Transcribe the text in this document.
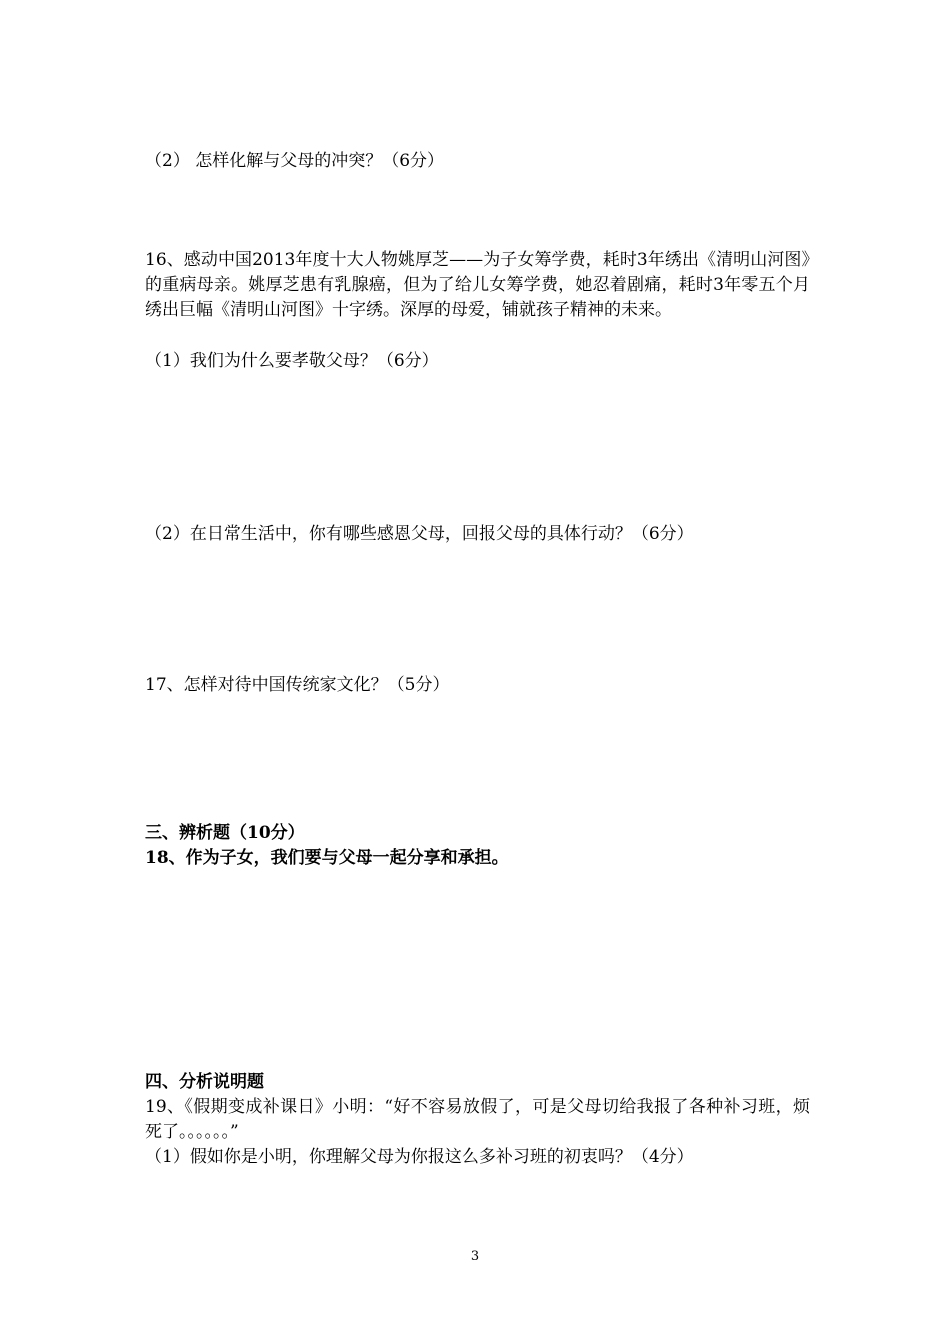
（2） 怎样化解与父母的冲突？（6分）
16、感动中国2013年度十大人物姚厚芝——为子女筹学费，耗时3年绣出《清明山河图》的重病母亲。姚厚芝患有乳腺癌，但为了给儿女筹学费，她忍着剧痛，耗时3年零五个月绣出巨幅《清明山河图》十字绣。深厚的母爱，铺就孩子精神的未来。
（1）我们为什么要孝敬父母？（6分）
（2）在日常生活中，你有哪些感恩父母，回报父母的具体行动？（6分）
17、怎样对待中国传统家文化？（5分）
三、辨析题（10分）
18、作为子女，我们要与父母一起分享和承担。
四、分析说明题
19、《假期变成补课日》小明：“好不容易放假了，可是父母切给我报了各种补习班，烦死了。。。。。。”
（1）假如你是小明，你理解父母为你报这么多补习班的初衷吗？（4分）
3
